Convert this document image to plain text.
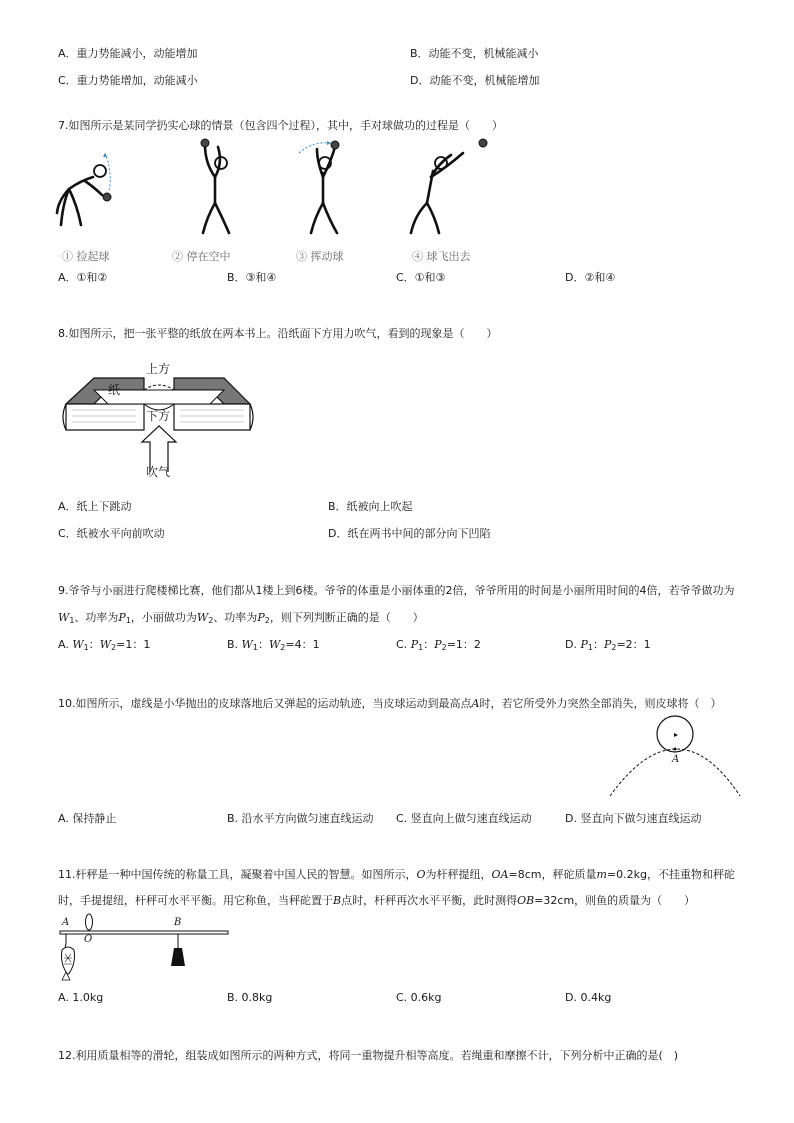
A．重力势能减小，动能增加	B．动能不变，机械能减小
C．重力势能增加，动能减小	D．动能不变，机械能增加
7.如图所示是某同学扔实心球的情景（包含四个过程），其中，手对球做功的过程是（　　）
① 捡起球	② 停在空中	③ 挥动球	④ 球飞出去
A．①和②	B．③和④	C．①和③	D．②和④
8.如图所示，把一张平整的纸放在两本书上。沿纸面下方用力吹气，看到的现象是（　　）
上方
纸
下方
吹气
A．纸上下跳动	B．纸被向上吹起
C．纸被水平向前吹动	D．纸在两书中间的部分向下凹陷
9.爷爷与小丽进行爬楼梯比赛，他们都从1楼上到6楼。爷爷的体重是小丽体重的2倍，爷爷所用的时间是小丽所用时间的4倍，若爷爷做功为
$W_1$、功率为$P_1$，小丽做功为$W_2$、功率为$P_2$，则下列判断正确的是（　　）
A. $W_1$：$W_2=1$：1	B. $W_1$：$W_2=4$：1	C. $P_1$：$P_2=1$：2	D. $P_1$：$P_2=2$：1
10.如图所示，虚线是小华抛出的皮球落地后又弹起的运动轨迹，当皮球运动到最高点A时，若它所受外力突然全部消失，则皮球将（　）
A
A. 保持静止	B. 沿水平方向做匀速直线运动 C. 竖直向上做匀速直线运动	D. 竖直向下做匀速直线运动
11.杆秤是一种中国传统的称量工具，凝聚着中国人民的智慧。如图所示，O为杆秤提纽，OA=8cm，秤砣质量m=0.2kg，不挂重物和秤砣
时，手提提纽，杆秤可水平平衡。用它称鱼，当秤砣置于B点时，杆秤再次水平平衡，此时测得OB=32cm，则鱼的质量为（　　）
A
O
B
A. 1.0kg	B. 0.8kg	C. 0.6kg	D. 0.4kg
12.利用质量相等的滑轮，组装成如图所示的两种方式，将同一重物提升相等高度。若绳重和摩擦不计，下列分析中正确的是(　)
